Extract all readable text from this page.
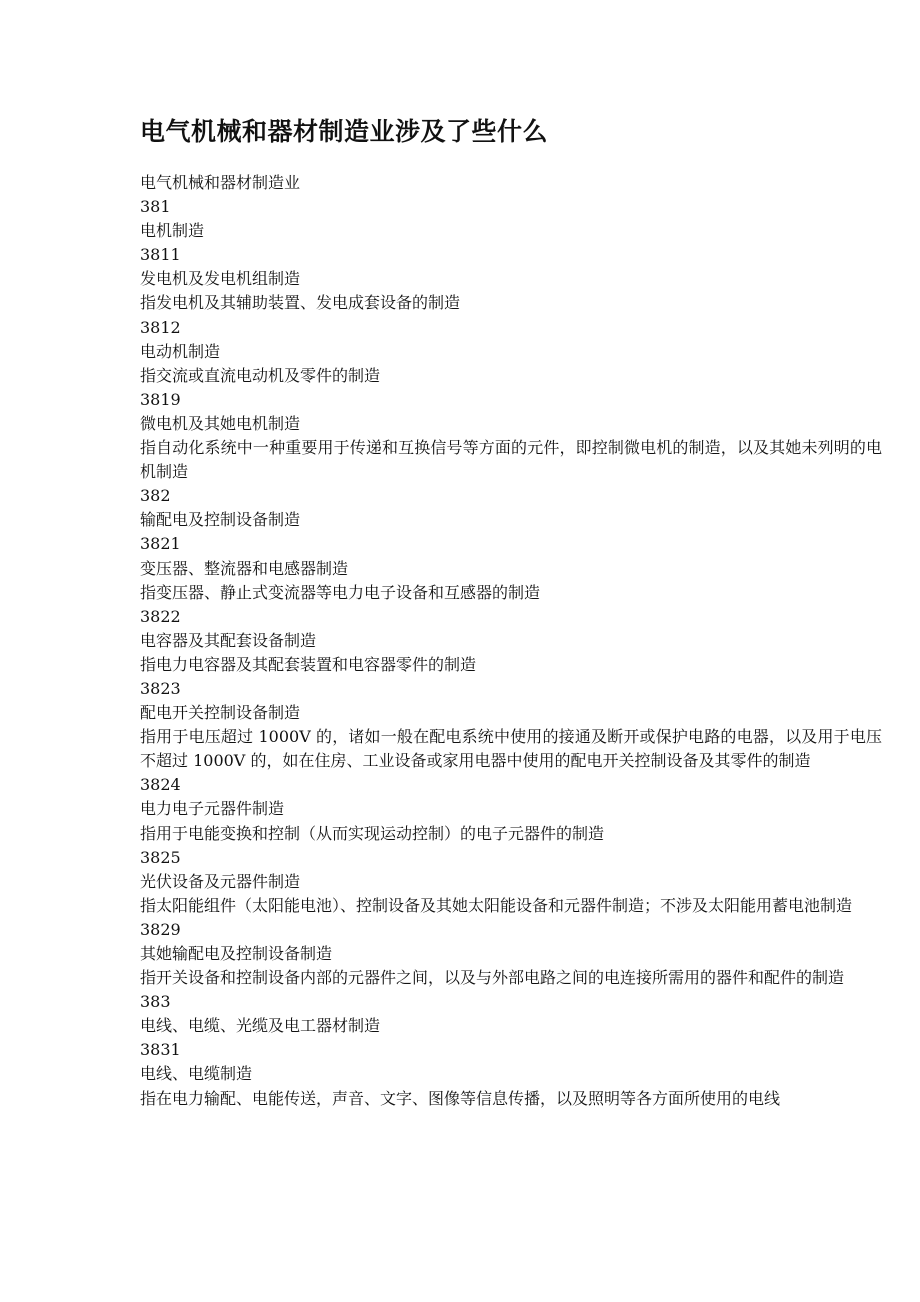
电气机械和器材制造业涉及了些什么

电气机械和器材制造业

381

电机制造

3811

发电机及发电机组制造

指发电机及其辅助装置、发电成套设备的制造

3812

电动机制造

指交流或直流电动机及零件的制造

3819

微电机及其她电机制造

指自动化系统中一种重要用于传递和互换信号等方面的元件，即控制微电机的制造，以及其她未列明的电机制造

382

输配电及控制设备制造

3821

变压器、整流器和电感器制造

指变压器、静止式变流器等电力电子设备和互感器的制造

3822

电容器及其配套设备制造

指电力电容器及其配套装置和电容器零件的制造

3823

配电开关控制设备制造

指用于电压超过 1000V 的，诸如一般在配电系统中使用的接通及断开或保护电路的电器，以及用于电压不超过 1000V 的，如在住房、工业设备或家用电器中使用的配电开关控制设备及其零件的制造

3824

电力电子元器件制造

指用于电能变换和控制（从而实现运动控制）的电子元器件的制造

3825

光伏设备及元器件制造

指太阳能组件（太阳能电池）、控制设备及其她太阳能设备和元器件制造；不涉及太阳能用蓄电池制造

3829

其她输配电及控制设备制造

指开关设备和控制设备内部的元器件之间，以及与外部电路之间的电连接所需用的器件和配件的制造

383

电线、电缆、光缆及电工器材制造

3831

电线、电缆制造

指在电力输配、电能传送，声音、文字、图像等信息传播，以及照明等各方面所使用的电线
